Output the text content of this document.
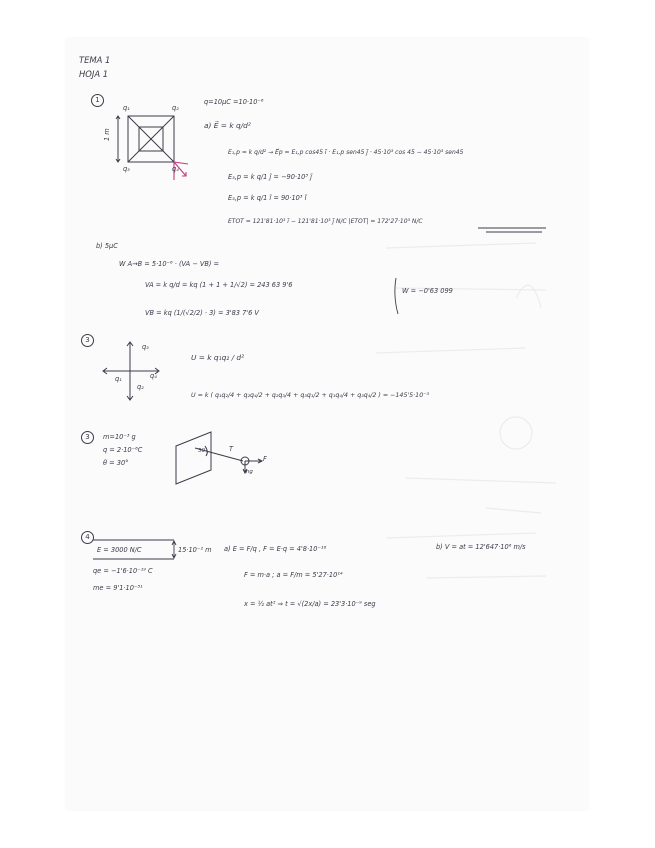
TEMA 1
HOJA 1
1
q₁	q₂
q₃	q₄
1 m
q=10μC =10·10⁻⁶
a) E⃗ = k q/d²
E₁,p = k q/d² → E⃗p = E₁,p cos45 ĩ · E₁,p sen45 j̃ · 45·10³ cos 45 − 45·10³ sen45
E₃,p = k q/1 j̃ = −90·10³ j̃
E₃,p = k q/1 ĩ = 90·10³ ĩ
ETOT = 121'81·10³ ĩ − 121'81·10³ j̃ N/C |ETOT| = 172'27·10³ N/C
b) 5μC
W A→B = 5·10⁻⁶ · (VA − VB) =
VA = k q/d = kq (1 + 1 + 1/√2) = 243 63 9'6
W = −0'63 099
VB = kq (1/(√2/2) · 3) = 3'83 7'6 V
3
q₃
q₁	q₄
q₂
U = k q₁q₂ / d²
U = k ( q₁q₂/4 + q₂q₄/2 + q₂q₃/4 + q₃q₁/2 + q₁q₄/4 + q₃q₄/2 ) = −145'5·10⁻³
3	m=10⁻³ g
q = 2·10⁻⁶C
θ = 30°
T
F
mg
30
4
E = 3000 N/C	15·10⁻² m
qe = −1'6·10⁻¹⁹ C
me = 9'1·10⁻³¹
a) E = F/q , F = E·q = 4'8·10⁻¹⁶
F = m·a ; a = F/m = 5'27·10¹⁴
x = ½ at² ⇒ t = √(2x/a) = 23'3·10⁻⁹ seg
b) V = at = 12'647·10⁶ m/s
